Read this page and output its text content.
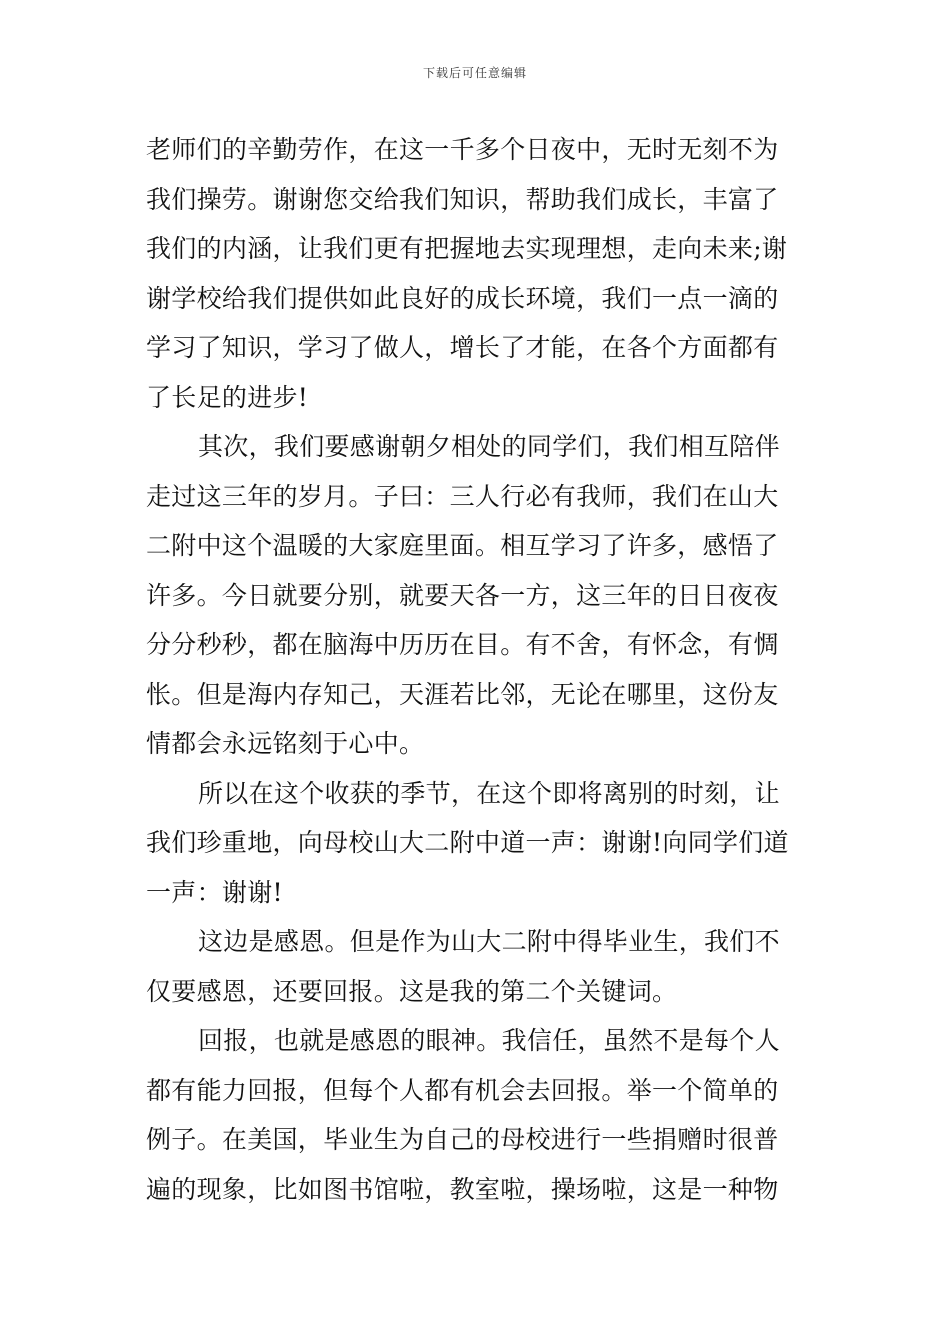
下载后可任意编辑
老师们的辛勤劳作，在这一千多个日夜中，无时无刻不为
我们操劳。谢谢您交给我们知识，帮助我们成长，丰富了
我们的内涵，让我们更有把握地去实现理想，走向未来;谢
谢学校给我们提供如此良好的成长环境，我们一点一滴的
学习了知识，学习了做人，增长了才能，在各个方面都有
了长足的进步!
其次，我们要感谢朝夕相处的同学们，我们相互陪伴
走过这三年的岁月。子曰：三人行必有我师，我们在山大
二附中这个温暖的大家庭里面。相互学习了许多，感悟了
许多。今日就要分别，就要天各一方，这三年的日日夜夜
分分秒秒，都在脑海中历历在目。有不舍，有怀念，有惆
怅。但是海内存知己，天涯若比邻，无论在哪里，这份友
情都会永远铭刻于心中。
所以在这个收获的季节，在这个即将离别的时刻，让
我们珍重地，向母校山大二附中道一声：谢谢!向同学们道
一声：谢谢!
这边是感恩。但是作为山大二附中得毕业生，我们不
仅要感恩，还要回报。这是我的第二个关键词。
回报，也就是感恩的眼神。我信任，虽然不是每个人
都有能力回报，但每个人都有机会去回报。举一个简单的
例子。在美国，毕业生为自己的母校进行一些捐赠时很普
遍的现象，比如图书馆啦，教室啦，操场啦，这是一种物
